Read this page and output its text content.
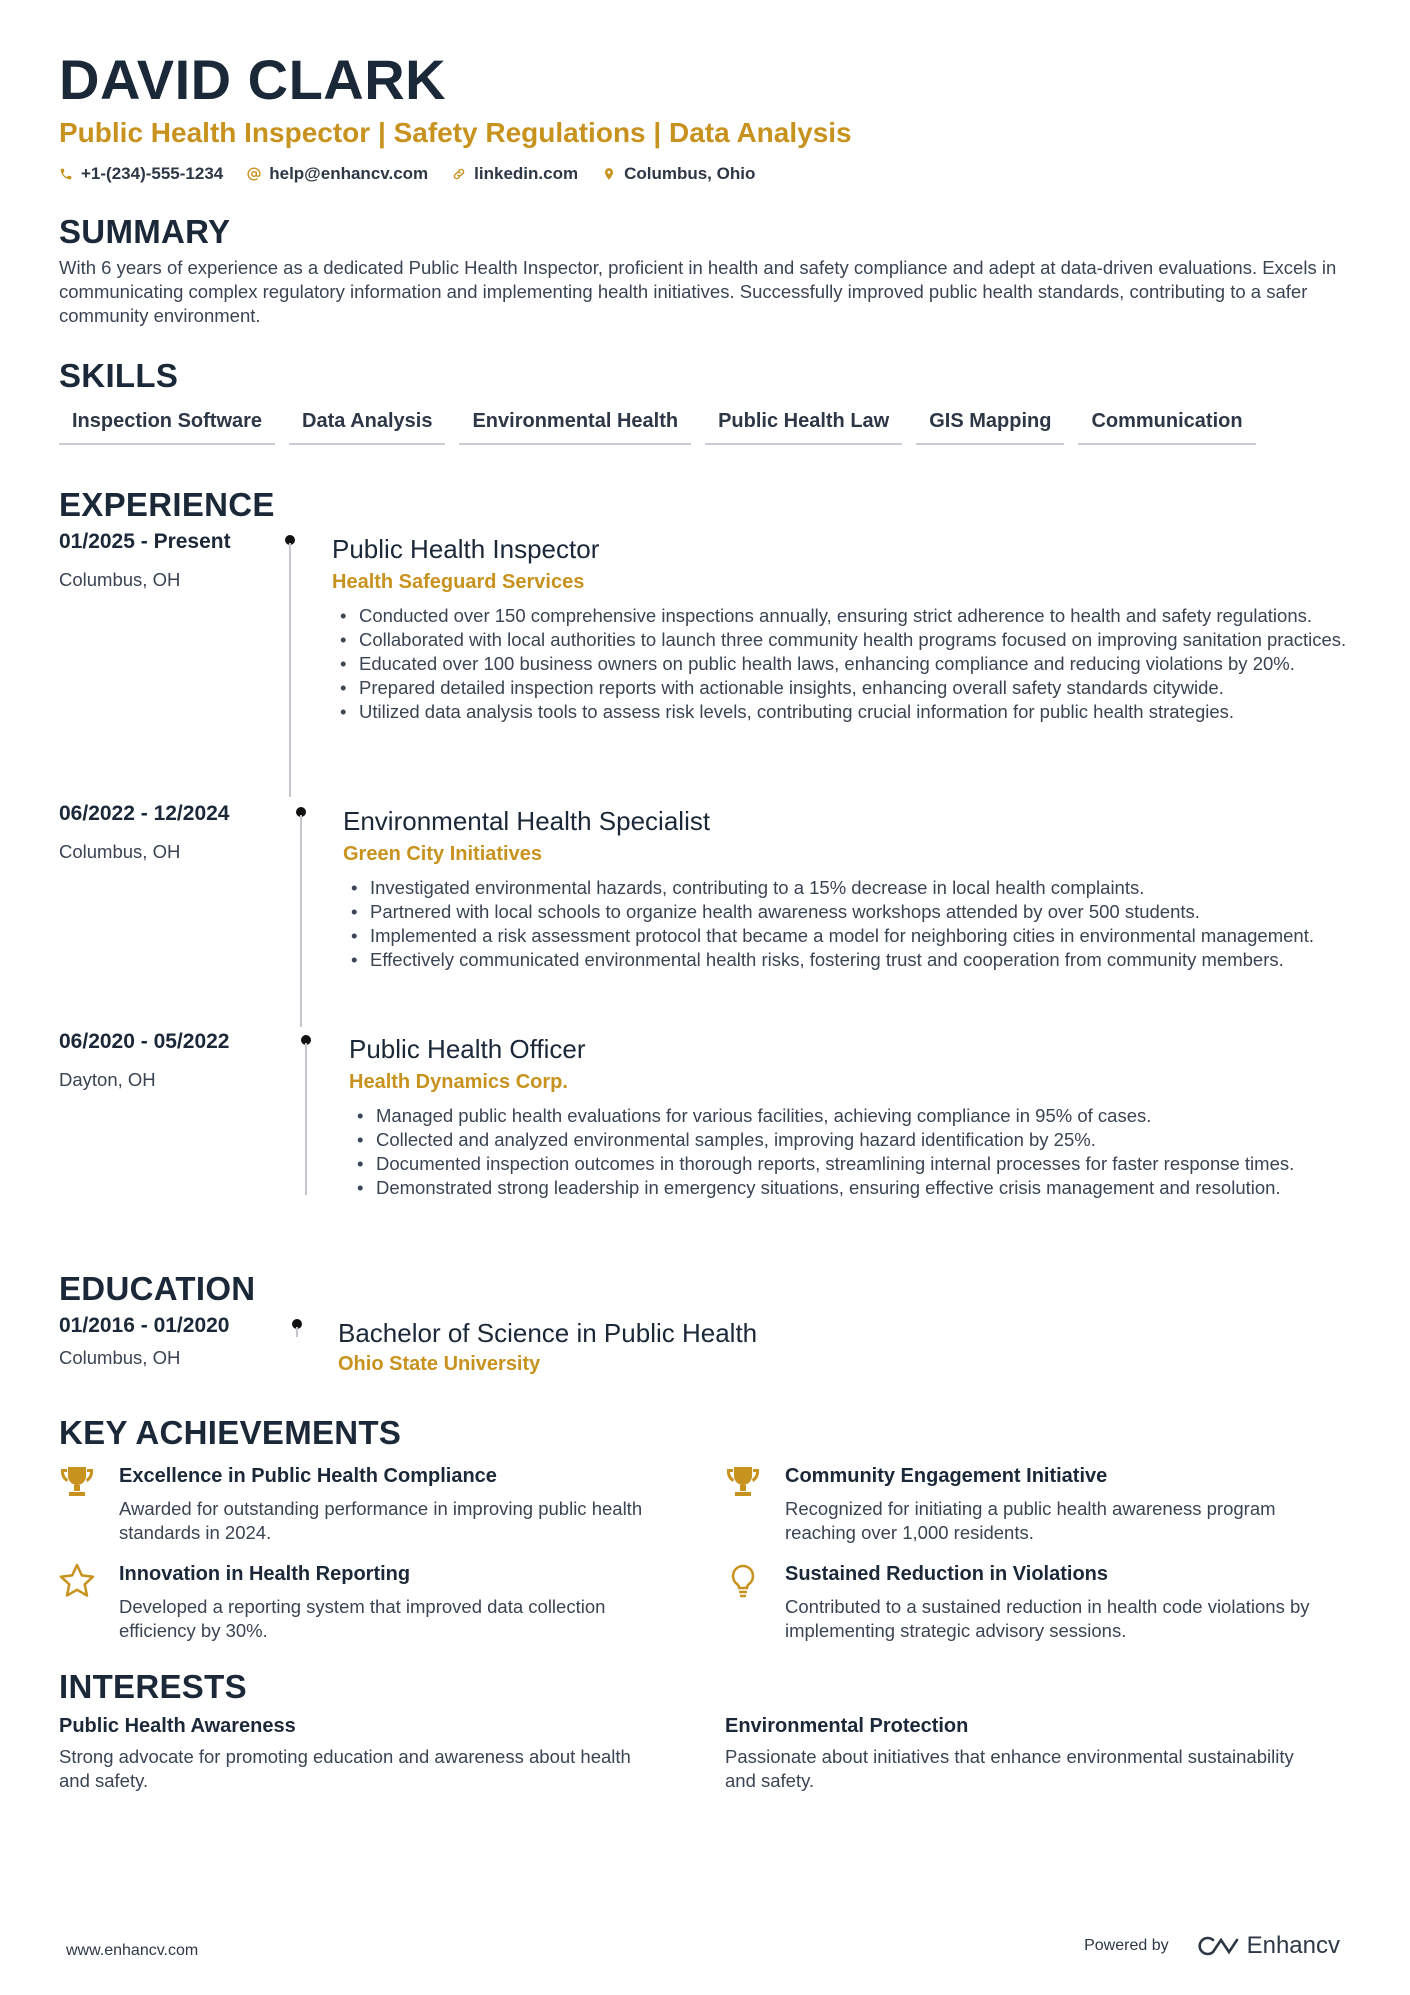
DAVID CLARK
Public Health Inspector | Safety Regulations | Data Analysis
+1-(234)-555-1234	help@enhancv.com	linkedin.com	Columbus, Ohio
SUMMARY
With 6 years of experience as a dedicated Public Health Inspector, proficient in health and safety compliance and adept at data-driven evaluations. Excels in communicating complex regulatory information and implementing health initiatives. Successfully improved public health standards, contributing to a safer community environment.
SKILLS
Inspection Software	Data Analysis	Environmental Health	Public Health Law	GIS Mapping	Communication
EXPERIENCE
01/2025 - Present
Columbus, OH
Public Health Inspector
Health Safeguard Services
• Conducted over 150 comprehensive inspections annually, ensuring strict adherence to health and safety regulations.
• Collaborated with local authorities to launch three community health programs focused on improving sanitation practices.
• Educated over 100 business owners on public health laws, enhancing compliance and reducing violations by 20%.
• Prepared detailed inspection reports with actionable insights, enhancing overall safety standards citywide.
• Utilized data analysis tools to assess risk levels, contributing crucial information for public health strategies.
06/2022 - 12/2024
Columbus, OH
Environmental Health Specialist
Green City Initiatives
• Investigated environmental hazards, contributing to a 15% decrease in local health complaints.
• Partnered with local schools to organize health awareness workshops attended by over 500 students.
• Implemented a risk assessment protocol that became a model for neighboring cities in environmental management.
• Effectively communicated environmental health risks, fostering trust and cooperation from community members.
06/2020 - 05/2022
Dayton, OH
Public Health Officer
Health Dynamics Corp.
• Managed public health evaluations for various facilities, achieving compliance in 95% of cases.
• Collected and analyzed environmental samples, improving hazard identification by 25%.
• Documented inspection outcomes in thorough reports, streamlining internal processes for faster response times.
• Demonstrated strong leadership in emergency situations, ensuring effective crisis management and resolution.
EDUCATION
01/2016 - 01/2020
Columbus, OH
Bachelor of Science in Public Health
Ohio State University
KEY ACHIEVEMENTS
Excellence in Public Health Compliance
Awarded for outstanding performance in improving public health standards in 2024.
Community Engagement Initiative
Recognized for initiating a public health awareness program reaching over 1,000 residents.
Innovation in Health Reporting
Developed a reporting system that improved data collection efficiency by 30%.
Sustained Reduction in Violations
Contributed to a sustained reduction in health code violations by implementing strategic advisory sessions.
INTERESTS
Public Health Awareness
Strong advocate for promoting education and awareness about health and safety.
Environmental Protection
Passionate about initiatives that enhance environmental sustainability and safety.
www.enhancv.com	Powered by	Enhancv
